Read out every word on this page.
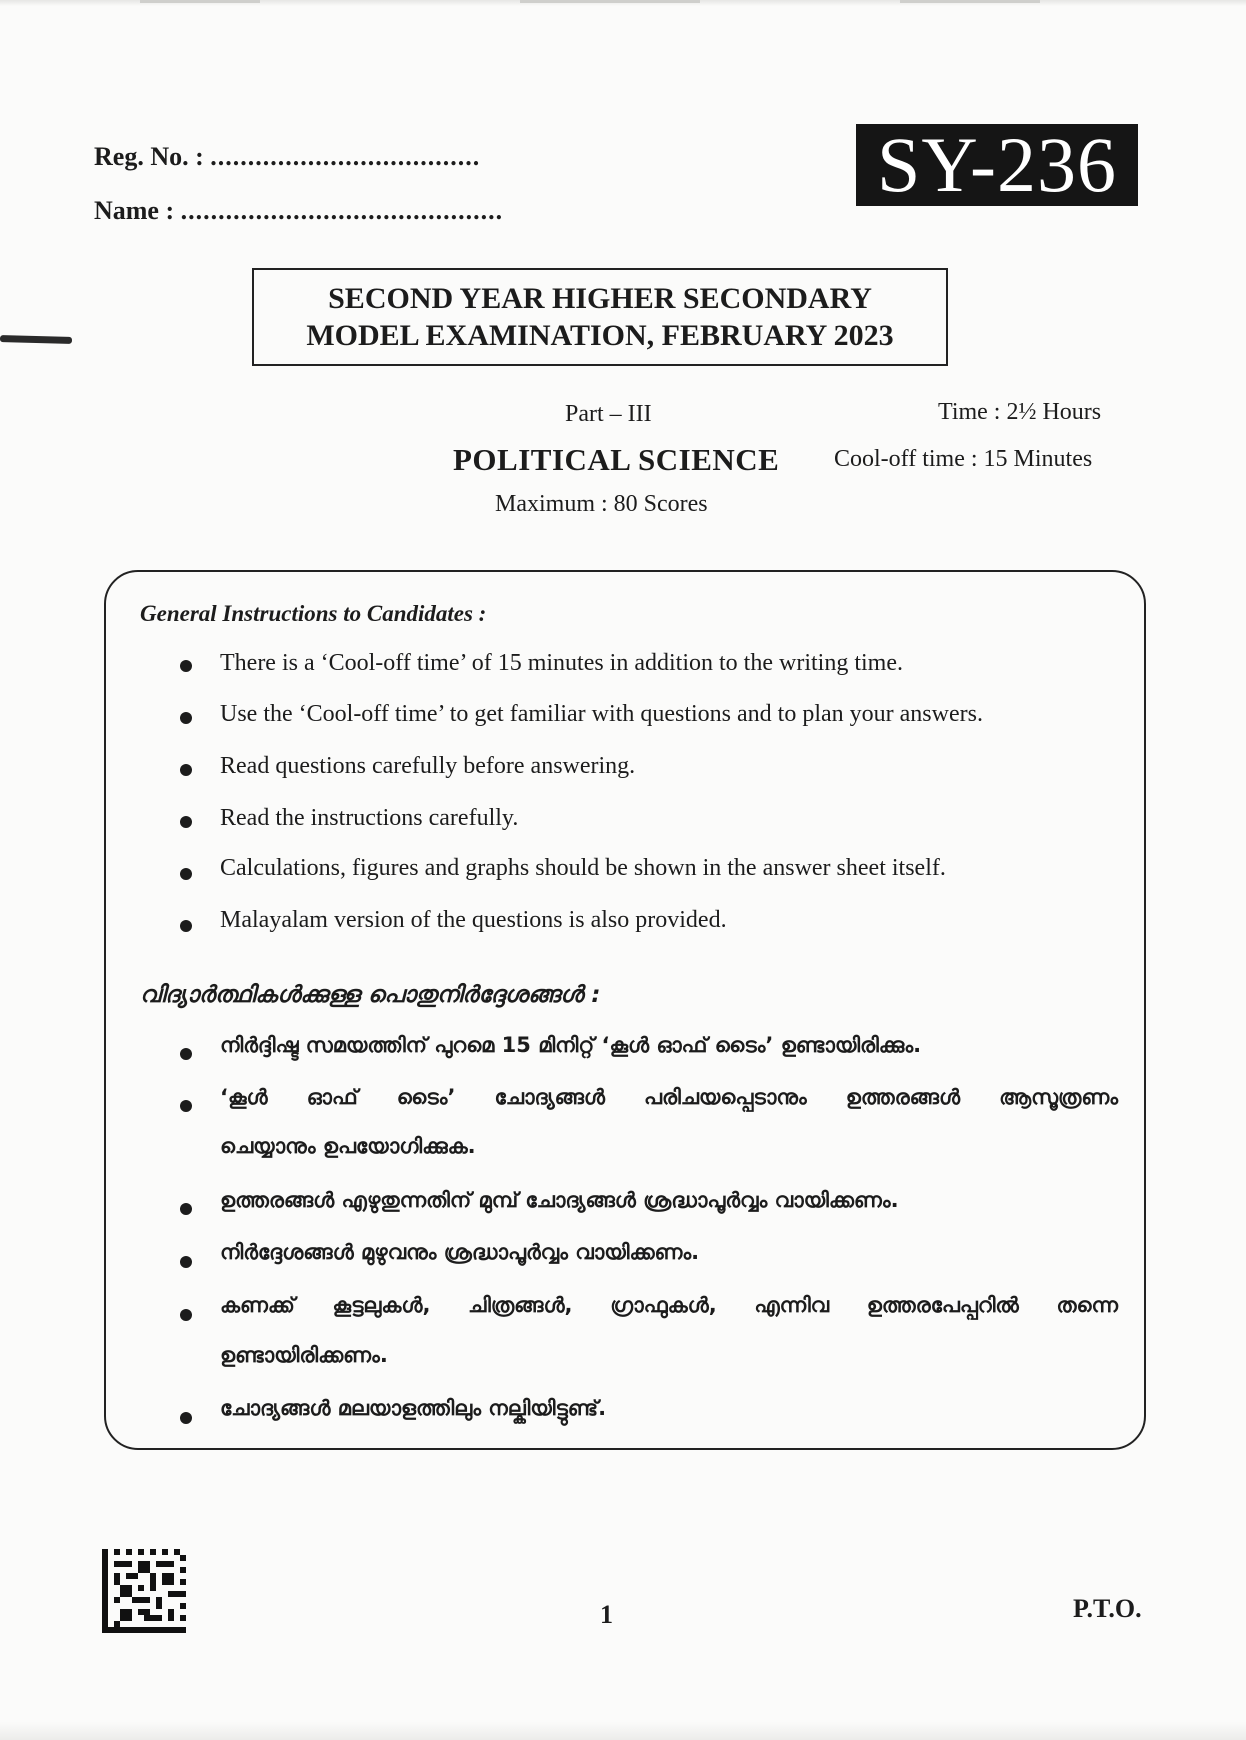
Reg. No. : ....................................
Name : ...........................................
SY-236
SECOND YEAR HIGHER SECONDARY
MODEL EXAMINATION, FEBRUARY 2023
Part – III	Time : 2½ Hours
POLITICAL SCIENCE Cool-off time : 15 Minutes
Maximum : 80 Scores
General Instructions to Candidates :
There is a ‘Cool-off time’ of 15 minutes in addition to the writing time.
Use the ‘Cool-off time’ to get familiar with questions and to plan your answers.
Read questions carefully before answering.
Read the instructions carefully.
Calculations, figures and graphs should be shown in the answer sheet itself.
Malayalam version of the questions is also provided.
വിദ്യാർത്ഥികൾക്കുള്ള പൊതുനിർദ്ദേശങ്ങൾ :
നിർദ്ദിഷ്ട സമയത്തിന് പുറമെ 15 മിനിറ്റ് ‘കൂൾ ഓഫ് ടൈം’ ഉണ്ടായിരിക്കും.
‘കൂൾ ഓഫ് ടൈം’ ചോദ്യങ്ങൾ പരിചയപ്പെടാനും ഉത്തരങ്ങൾ ആസൂത്രണം
ചെയ്യാനും ഉപയോഗിക്കുക.
ഉത്തരങ്ങൾ എഴുതുന്നതിന് മുമ്പ് ചോദ്യങ്ങൾ ശ്രദ്ധാപൂർവ്വം വായിക്കണം.
നിർദ്ദേശങ്ങൾ മുഴുവനും ശ്രദ്ധാപൂർവ്വം വായിക്കണം.
കണക്ക് കൂട്ടലുകൾ, ചിത്രങ്ങൾ, ഗ്രാഫുകൾ, എന്നിവ ഉത്തരപേപ്പറിൽ തന്നെ
ഉണ്ടായിരിക്കണം.
ചോദ്യങ്ങൾ മലയാളത്തിലും നല്കിയിട്ടുണ്ട്.
1	P.T.O.
